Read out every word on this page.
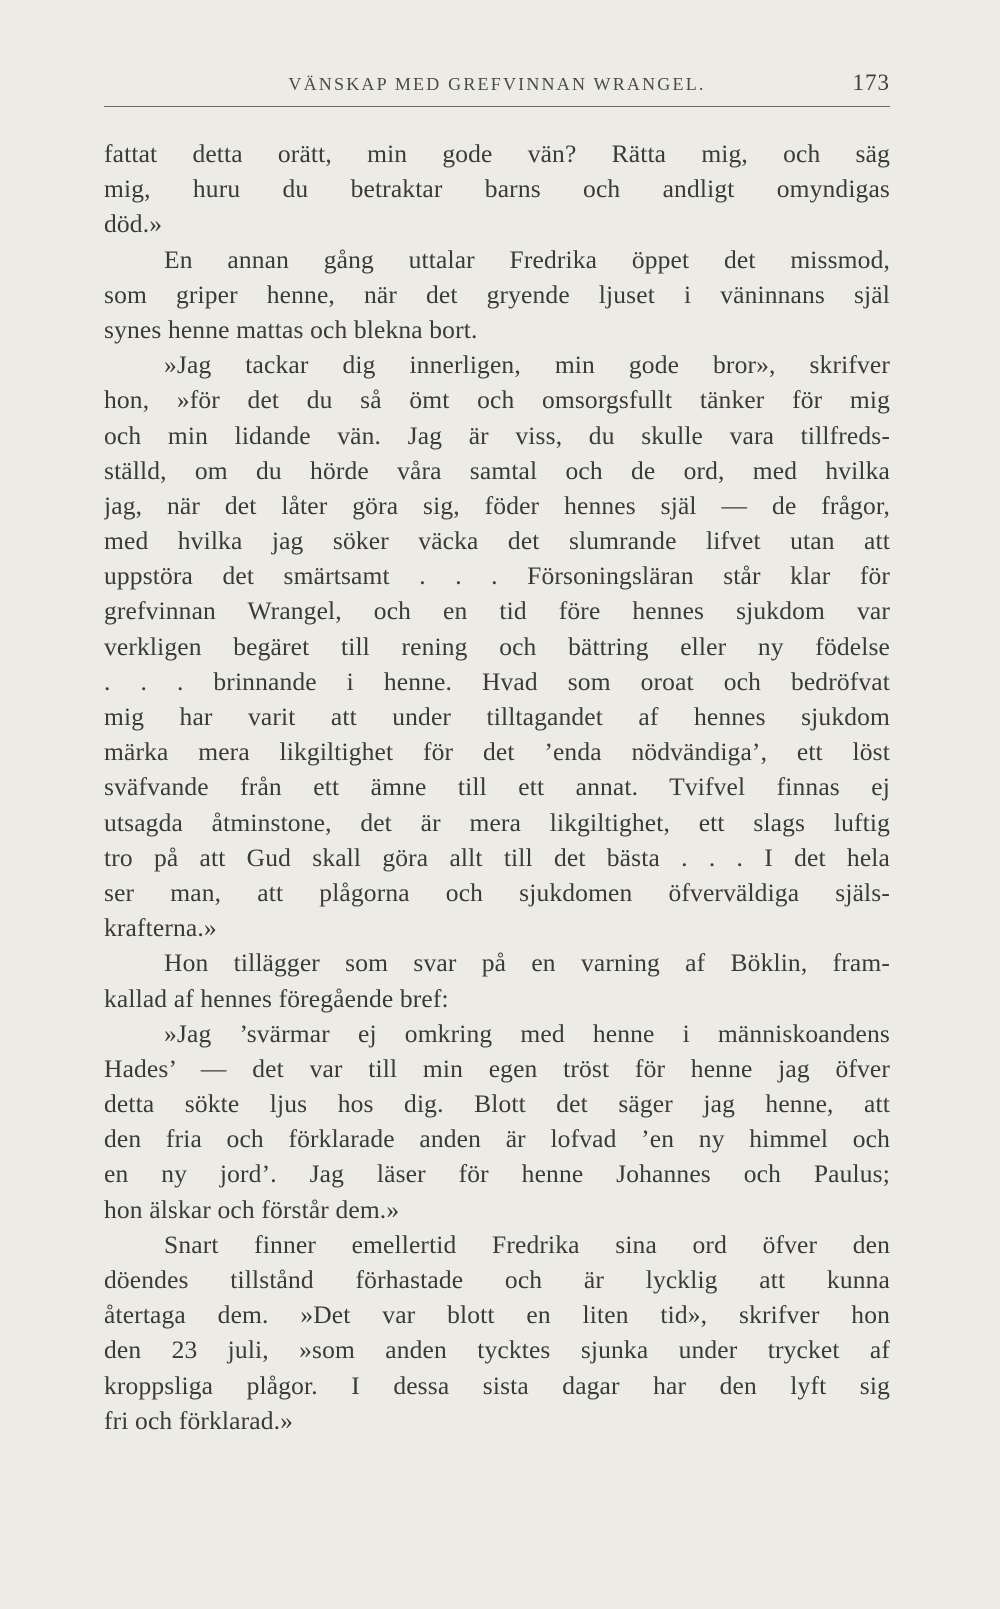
VÄNSKAP MED GREFVINNAN WRANGEL.	173
fattat detta orätt, min gode vän? Rätta mig, och säg
mig, huru du betraktar barns och andligt omyndigas
död.»
En annan gång uttalar Fredrika öppet det missmod,
som griper henne, när det gryende ljuset i väninnans själ
synes henne mattas och blekna bort.
»Jag tackar dig innerligen, min gode bror», skrifver
hon, »för det du så ömt och omsorgsfullt tänker för mig
och min lidande vän. Jag är viss, du skulle vara tillfreds-
ställd, om du hörde våra samtal och de ord, med hvilka
jag, när det låter göra sig, föder hennes själ — de frågor,
med hvilka jag söker väcka det slumrande lifvet utan att
uppstöra det smärtsamt . . . Försoningsläran står klar för
grefvinnan Wrangel, och en tid före hennes sjukdom var
verkligen begäret till rening och bättring eller ny födelse
. . . brinnande i henne. Hvad som oroat och bedröfvat
mig har varit att under tilltagandet af hennes sjukdom
märka mera likgiltighet för det ’enda nödvändiga’, ett löst
sväfvande från ett ämne till ett annat. Tvifvel finnas ej
utsagda åtminstone, det är mera likgiltighet, ett slags luftig
tro på att Gud skall göra allt till det bästa . . . I det hela
ser man, att plågorna och sjukdomen öfverväldiga själs-
krafterna.»
Hon tillägger som svar på en varning af Böklin, fram-
kallad af hennes föregående bref:
»Jag ’svärmar ej omkring med henne i människoandens
Hades’ — det var till min egen tröst för henne jag öfver
detta sökte ljus hos dig. Blott det säger jag henne, att
den fria och förklarade anden är lofvad ’en ny himmel och
en ny jord’. Jag läser för henne Johannes och Paulus;
hon älskar och förstår dem.»
Snart finner emellertid Fredrika sina ord öfver den
döendes tillstånd förhastade och är lycklig att kunna
återtaga dem. »Det var blott en liten tid», skrifver hon
den 23 juli, »som anden tycktes sjunka under trycket af
kroppsliga plågor. I dessa sista dagar har den lyft sig
fri och förklarad.»
